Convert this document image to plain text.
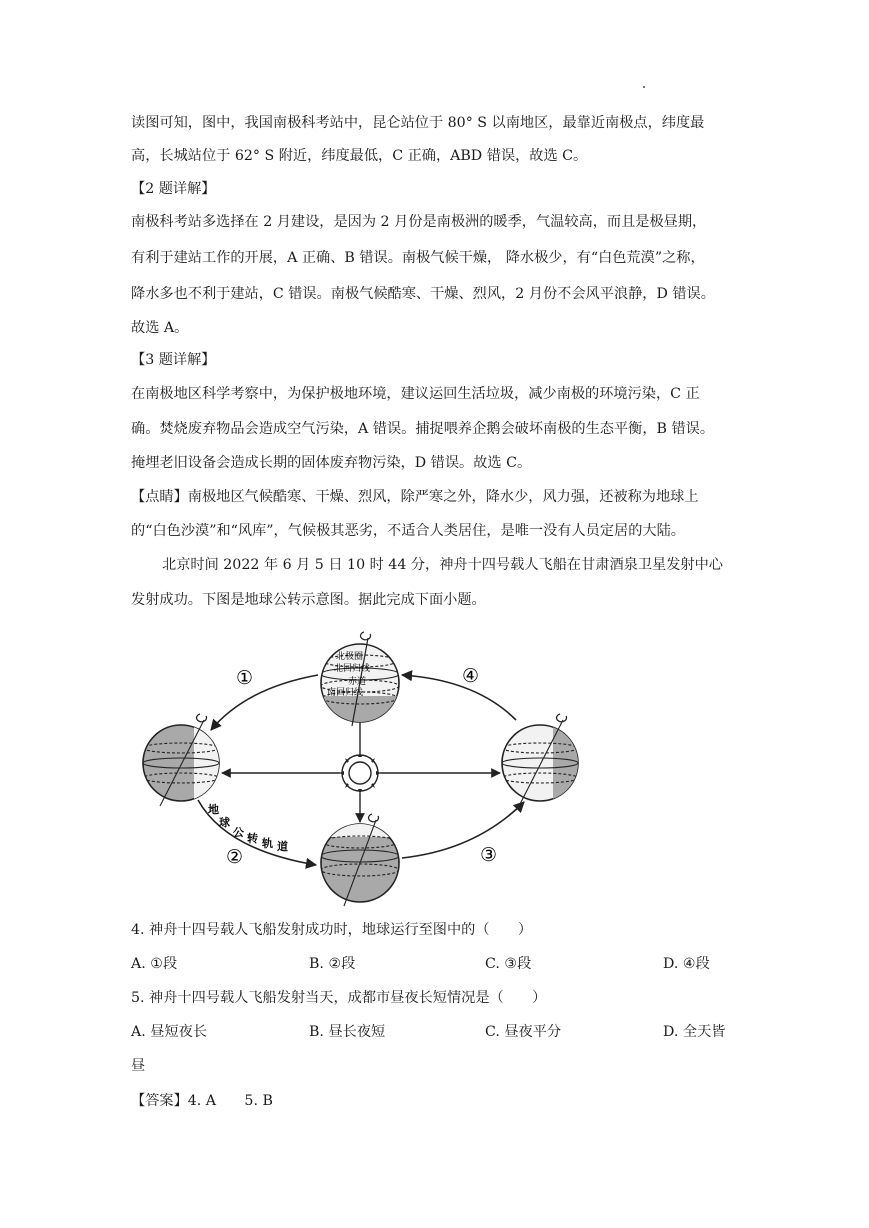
读图可知，图中，我国南极科考站中，昆仑站位于 80° S 以南地区，最靠近南极点，纬度最
高，长城站位于 62° S 附近，纬度最低，C 正确，ABD 错误，故选 C。
【2 题详解】
南极科考站多选择在 2 月建设，是因为 2 月份是南极洲的暖季，气温较高，而且是极昼期，
有利于建站工作的开展，A 正确、B 错误。南极气候干燥， 降水极少，有“白色荒漠”之称，
降水多也不利于建站，C 错误。南极气候酷寒、干燥、烈风，2 月份不会风平浪静，D 错误。
故选 A。
【3 题详解】
在南极地区科学考察中，为保护极地环境，建议运回生活垃圾，减少南极的环境污染，C 正
确。焚烧废弃物品会造成空气污染，A 错误。捕捉喂养企鹅会破坏南极的生态平衡，B 错误。
掩埋老旧设备会造成长期的固体废弃物污染，D 错误。故选 C。
【点睛】南极地区气候酷寒、干燥、烈风，除严寒之外，降水少，风力强，还被称为地球上
的“白色沙漠”和“风库”，气候极其恶劣，不适合人类居住，是唯一没有人员定居的大陆。
北京时间 2022 年 6 月 5 日 10 时 44 分，神舟十四号载人飞船在甘肃酒泉卫星发射中心
发射成功。下图是地球公转示意图。据此完成下面小题。
北极圈
北回归线
赤道
南回归线
①	④
②	③
地
球
公 转 轨 道
4. 神舟十四号载人飞船发射成功时，地球运行至图中的（　　）
A. ①段	B. ②段	C. ③段	D. ④段
5. 神舟十四号载人飞船发射当天，成都市昼夜长短情况是（　　）
A. 昼短夜长	B. 昼长夜短	C. 昼夜平分	D. 全天皆
昼
【答案】4. A　　5. B
